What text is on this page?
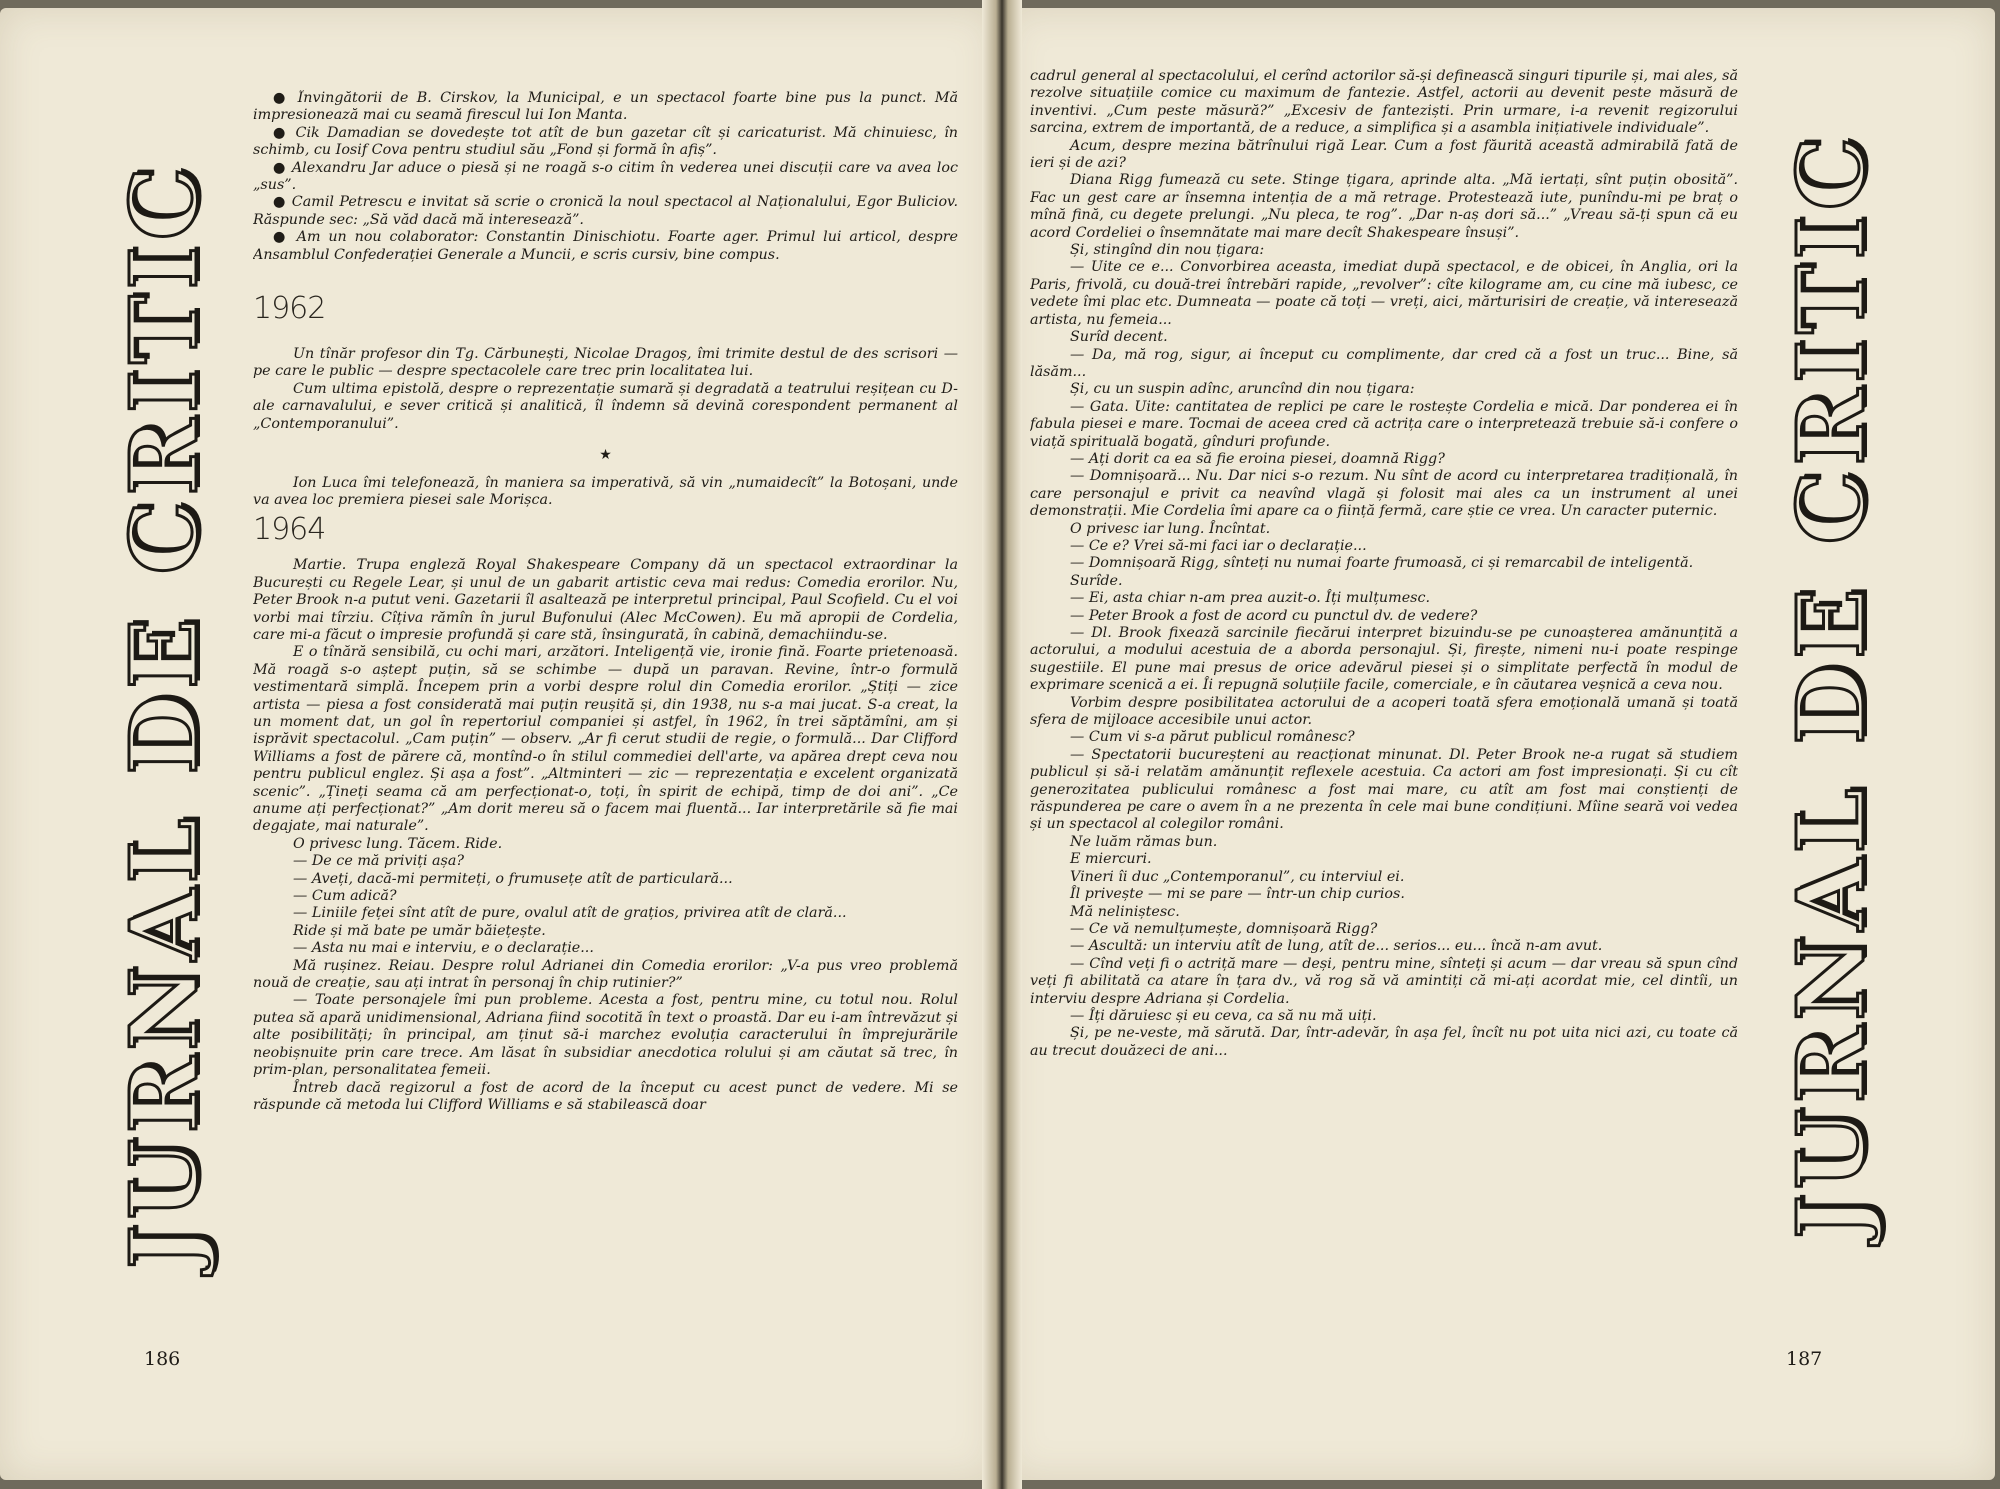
JURNAL DE CRITIC

● Învingătorii de B. Cirskov, la Municipal, e un spectacol foarte bine pus la punct. Mă impresionează mai cu seamă firescul lui Ion Manta.

● Cik Damadian se dovedește tot atît de bun gazetar cît și caricaturist. Mă chinuiesc, în schimb, cu Iosif Cova pentru studiul său „Fond și formă în afiș”.

● Alexandru Jar aduce o piesă și ne roagă s-o citim în vederea unei discuții care va avea loc „sus”.

● Camil Petrescu e invitat să scrie o cronică la noul spectacol al Naționalului, Egor Buliciov. Răspunde sec: „Să văd dacă mă interesează”.

● Am un nou colaborator: Constantin Dinischiotu. Foarte ager. Primul lui articol, despre Ansamblul Confederației Generale a Muncii, e scris cursiv, bine compus.

1962

Un tînăr profesor din Tg. Cărbunești, Nicolae Dragoș, îmi trimite destul de des scrisori — pe care le public — despre spectacolele care trec prin localitatea lui.

Cum ultima epistolă, despre o reprezentație sumară și degradată a teatrului reșițean cu D-ale carnavalului, e sever critică și analitică, îl îndemn să devină corespondent permanent al „Contemporanului”.

★

Ion Luca îmi telefonează, în maniera sa imperativă, să vin „numaidecît” la Botoșani, unde va avea loc premiera piesei sale Morișca.

1964

Martie. Trupa engleză Royal Shakespeare Company dă un spectacol extraordinar la București cu Regele Lear, și unul de un gabarit artistic ceva mai redus: Comedia erorilor. Nu, Peter Brook n-a putut veni. Gazetarii îl asaltează pe interpretul principal, Paul Scofield. Cu el voi vorbi mai tîrziu. Cîțiva rămîn în jurul Bufonului (Alec McCowen). Eu mă apropii de Cordelia, care mi-a făcut o impresie profundă și care stă, însingurată, în cabină, demachiindu-se.

E o tînără sensibilă, cu ochi mari, arzători. Inteligență vie, ironie fină. Foarte prietenoasă. Mă roagă s-o aștept puțin, să se schimbe — după un paravan. Revine, într-o formulă vestimentară simplă. Începem prin a vorbi despre rolul din Comedia erorilor. „Știți — zice artista — piesa a fost considerată mai puțin reușită și, din 1938, nu s-a mai jucat. S-a creat, la un moment dat, un gol în repertoriul companiei și astfel, în 1962, în trei săptămîni, am și isprăvit spectacolul. „Cam puțin” — observ. „Ar fi cerut studii de regie, o formulă... Dar Clifford Williams a fost de părere că, montînd-o în stilul commediei dell'arte, va apărea drept ceva nou pentru publicul englez. Și așa a fost”. „Altminteri — zic — reprezentația e excelent organizată scenic”. „Țineți seama că am perfecționat-o, toți, în spirit de echipă, timp de doi ani”. „Ce anume ați perfecționat?” „Am dorit mereu să o facem mai fluentă... Iar interpretările să fie mai degajate, mai naturale”.

O privesc lung. Tăcem. Ride.

— De ce mă priviți așa?

— Aveți, dacă-mi permiteți, o frumusețe atît de particulară...

— Cum adică?

— Liniile feței sînt atît de pure, ovalul atît de grațios, privirea atît de clară...

Ride și mă bate pe umăr băiețește.

— Asta nu mai e interviu, e o declarație...

Mă rușinez. Reiau. Despre rolul Adrianei din Comedia erorilor: „V-a pus vreo problemă nouă de creație, sau ați intrat în personaj în chip rutinier?”

— Toate personajele îmi pun probleme. Acesta a fost, pentru mine, cu totul nou. Rolul putea să apară unidimensional, Adriana fiind socotită în text o proastă. Dar eu i-am întrevăzut și alte posibilități; în principal, am ținut să-i marchez evoluția caracterului în împrejurările neobișnuite prin care trece. Am lăsat în subsidiar anecdotica rolului și am căutat să trec, în prim-plan, personalitatea femeii.

Întreb dacă regizorul a fost de acord de la început cu acest punct de vedere. Mi se răspunde că metoda lui Clifford Williams e să stabilească doar

186
JURNAL DE CRITIC

cadrul general al spectacolului, el cerînd actorilor să-și definească singuri tipurile și, mai ales, să rezolve situațiile comice cu maximum de fantezie. Astfel, actorii au devenit peste măsură de inventivi. „Cum peste măsură?” „Excesiv de fanteziști. Prin urmare, i-a revenit regizorului sarcina, extrem de importantă, de a reduce, a simplifica și a asambla inițiativele individuale”.

Acum, despre mezina bătrînului rigă Lear. Cum a fost făurită această admirabilă fată de ieri și de azi?

Diana Rigg fumează cu sete. Stinge țigara, aprinde alta. „Mă iertați, sînt puțin obosită”. Fac un gest care ar însemna intenția de a mă retrage. Protestează iute, punîndu-mi pe braț o mînă fină, cu degete prelungi. „Nu pleca, te rog”. „Dar n-aș dori să...” „Vreau să-ți spun că eu acord Cordeliei o însemnătate mai mare decît Shakespeare însuși”.

Și, stingînd din nou țigara:

— Uite ce e... Convorbirea aceasta, imediat după spectacol, e de obicei, în Anglia, ori la Paris, frivolă, cu două-trei întrebări rapide, „revolver”: cîte kilograme am, cu cine mă iubesc, ce vedete îmi plac etc. Dumneata — poate că toți — vreți, aici, mărturisiri de creație, vă interesează artista, nu femeia...

Surîd decent.

— Da, mă rog, sigur, ai început cu complimente, dar cred că a fost un truc... Bine, să lăsăm...

Și, cu un suspin adînc, aruncînd din nou țigara:

— Gata. Uite: cantitatea de replici pe care le rostește Cordelia e mică. Dar ponderea ei în fabula piesei e mare. Tocmai de aceea cred că actrița care o interpretează trebuie să-i confere o viață spirituală bogată, gînduri profunde.

— Ați dorit ca ea să fie eroina piesei, doamnă Rigg?

— Domnișoară... Nu. Dar nici s-o rezum. Nu sînt de acord cu interpretarea tradițională, în care personajul e privit ca neavînd vlagă și folosit mai ales ca un instrument al unei demonstrații. Mie Cordelia îmi apare ca o ființă fermă, care știe ce vrea. Un caracter puternic.

O privesc iar lung. Încîntat.

— Ce e? Vrei să-mi faci iar o declarație...

— Domnișoară Rigg, sînteți nu numai foarte frumoasă, ci și remarcabil de inteligentă.

Surîde.

— Ei, asta chiar n-am prea auzit-o. Îți mulțumesc.

— Peter Brook a fost de acord cu punctul dv. de vedere?

— Dl. Brook fixează sarcinile fiecărui interpret bizuindu-se pe cunoașterea amănunțită a actorului, a modului acestuia de a aborda personajul. Și, firește, nimeni nu-i poate respinge sugestiile. El pune mai presus de orice adevărul piesei și o simplitate perfectă în modul de exprimare scenică a ei. Îi repugnă soluțiile facile, comerciale, e în căutarea veșnică a ceva nou.

Vorbim despre posibilitatea actorului de a acoperi toată sfera emoțională umană și toată sfera de mijloace accesibile unui actor.

— Cum vi s-a părut publicul românesc?

— Spectatorii bucureșteni au reacționat minunat. Dl. Peter Brook ne-a rugat să studiem publicul și să-i relatăm amănunțit reflexele acestuia. Ca actori am fost impresionați. Și cu cît generozitatea publicului românesc a fost mai mare, cu atît am fost mai conștienți de răspunderea pe care o avem în a ne prezenta în cele mai bune condițiuni. Mîine seară voi vedea și un spectacol al colegilor români.

Ne luăm rămas bun.

E miercuri.

Vineri îi duc „Contemporanul”, cu interviul ei.

Îl privește — mi se pare — într-un chip curios.

Mă neliniștesc.

— Ce vă nemulțumește, domnișoară Rigg?

— Ascultă: un interviu atît de lung, atît de... serios... eu... încă n-am avut.

— Cînd veți fi o actriță mare — deși, pentru mine, sînteți și acum — dar vreau să spun cînd veți fi abilitată ca atare în țara dv., vă rog să vă amintiți că mi-ați acordat mie, cel dintîi, un interviu despre Adriana și Cordelia.

— Îți dăruiesc și eu ceva, ca să nu mă uiți.

Și, pe ne-veste, mă sărută. Dar, într-adevăr, în așa fel, încît nu pot uita nici azi, cu toate că au trecut douăzeci de ani...

187
